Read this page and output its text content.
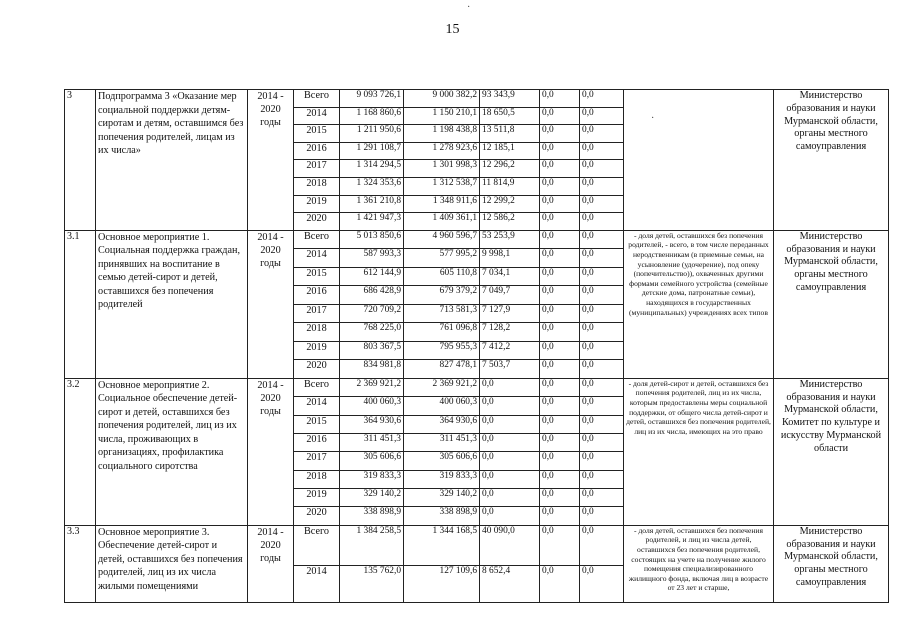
15
3	Подпрограмма 3 «Оказание мер социальной поддержки детям-сиротам и детям, оставшимся без попечения родителей, лицам из их числа»	2014 - 2020 годы	Всего	9 093 726,1	9 000 382,2	93 343,9	0,0	0,0		Министерство образования и науки Мурманской области, органы местного самоуправления
			2014	1 168 860,6	1 150 210,1	18 650,5	0,0	0,0		
			2015	1 211 950,6	1 198 438,8	13 511,8	0,0	0,0		
			2016	1 291 108,7	1 278 923,6	12 185,1	0,0	0,0		
			2017	1 314 294,5	1 301 998,3	12 296,2	0,0	0,0		
			2018	1 324 353,6	1 312 538,7	11 814,9	0,0	0,0		
			2019	1 361 210,8	1 348 911,6	12 299,2	0,0	0,0		
			2020	1 421 947,3	1 409 361,1	12 586,2	0,0	0,0		
3.1	Основное мероприятие 1. Социальная поддержка граждан, принявших на воспитание в семью детей-сирот и детей, оставшихся без попечения родителей	2014 - 2020 годы	Всего	5 013 850,6	4 960 596,7	53 253,9	0,0	0,0	- доля детей, оставшихся без попечения родителей, - всего, в том числе переданных неродственникам (в приемные семьи, на усыновление (удочерение), под опеку (попечительство)), охваченных другими формами семейного устройства (семейные детские дома, патронатные семьи), находящихся в государственных (муниципальных) учреждениях всех типов	Министерство образования и науки Мурманской области, органы местного самоуправления
			2014	587 993,3	577 995,2	9 998,1	0,0	0,0		
			2015	612 144,9	605 110,8	7 034,1	0,0	0,0		
			2016	686 428,9	679 379,2	7 049,7	0,0	0,0		
			2017	720 709,2	713 581,3	7 127,9	0,0	0,0		
			2018	768 225,0	761 096,8	7 128,2	0,0	0,0		
			2019	803 367,5	795 955,3	7 412,2	0,0	0,0		
			2020	834 981,8	827 478,1	7 503,7	0,0	0,0		
3.2	Основное мероприятие 2. Социальное обеспечение детей-сирот и детей, оставшихся без попечения родителей, лиц из их числа, проживающих в организациях, профилактика социального сиротства	2014 - 2020 годы	Всего	2 369 921,2	2 369 921,2	0,0	0,0	0,0	- доля детей-сирот и детей, оставшихся без попечения родителей, лиц из их числа, которым предоставлены меры социальной поддержки, от общего числа детей-сирот и детей, оставшихся без попечения родителей, лиц из их числа, имеющих на это право	Министерство образования и науки Мурманской области, Комитет по культуре и искусству Мурманской области
			2014	400 060,3	400 060,3	0,0	0,0	0,0		
			2015	364 930,6	364 930,6	0,0	0,0	0,0		
			2016	311 451,3	311 451,3	0,0	0,0	0,0		
			2017	305 606,6	305 606,6	0,0	0,0	0,0		
			2018	319 833,3	319 833,3	0,0	0,0	0,0		
			2019	329 140,2	329 140,2	0,0	0,0	0,0		
			2020	338 898,9	338 898,9	0,0	0,0	0,0		
3.3	Основное мероприятие 3. Обеспечение детей-сирот и детей, оставшихся без попечения родителей, лиц из их числа жилыми помещениями	2014 - 2020 годы	Всего	1 384 258,5	1 344 168,5	40 090,0	0,0	0,0	- доля детей, оставшихся без попечения родителей, и лиц из числа детей, оставшихся без попечения родителей, состоящих на учете на получение жилого помещения специализированного жилищного фонда, включая лиц в возрасте от 23 лет и старше,	Министерство образования и науки Мурманской области, органы местного самоуправления
			2014	135 762,0	127 109,6	8 652,4	0,0	0,0		
·
·
